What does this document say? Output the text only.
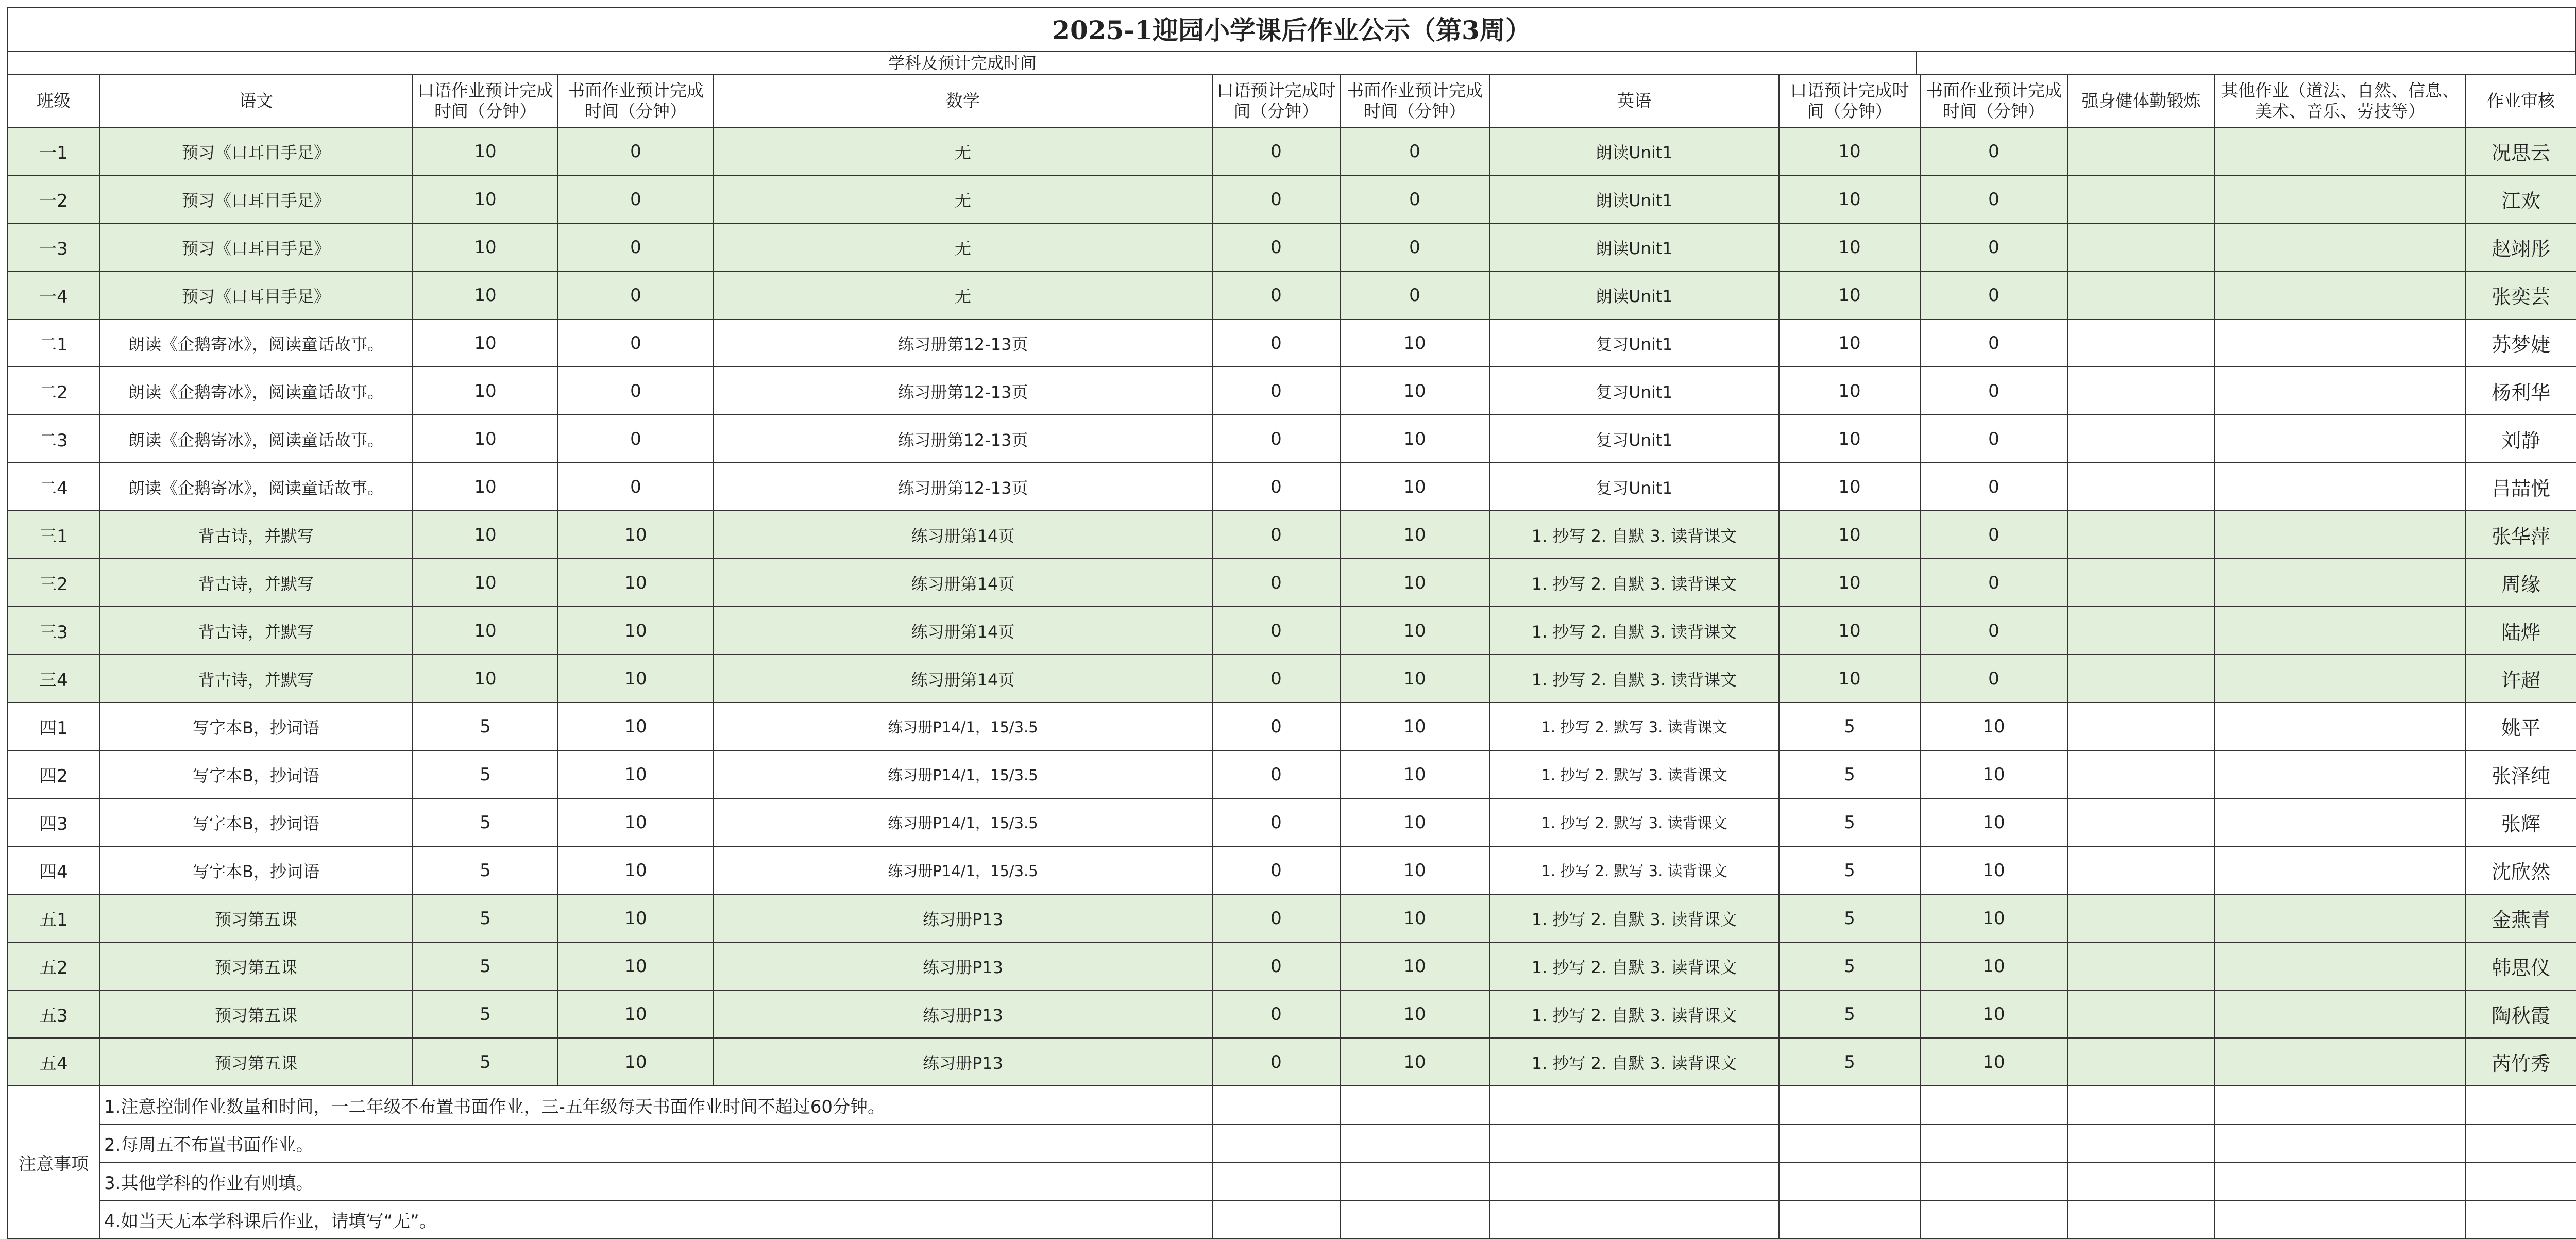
2025-1迎园小学课后作业公示（第3周）
学科及预计完成时间
班级	语文	口语作业预计完成时间（分钟）	书面作业预计完成时间（分钟）	数学	口语预计完成时间（分钟）	书面作业预计完成时间（分钟）	英语	口语预计完成时间（分钟）	书面作业预计完成时间（分钟）	强身健体勤锻炼	其他作业（道法、自然、信息、美术、音乐、劳技等）	作业审核
一1	预习《口耳目手足》	10	0	无	0	0	朗读Unit1	10	0			况思云
一2	预习《口耳目手足》	10	0	无	0	0	朗读Unit1	10	0			江欢
一3	预习《口耳目手足》	10	0	无	0	0	朗读Unit1	10	0			赵翊彤
一4	预习《口耳目手足》	10	0	无	0	0	朗读Unit1	10	0			张奕芸
二1	朗读《企鹅寄冰》，阅读童话故事。	10	0	练习册第12-13页	0	10	复习Unit1	10	0			苏梦婕
二2	朗读《企鹅寄冰》，阅读童话故事。	10	0	练习册第12-13页	0	10	复习Unit1	10	0			杨利华
二3	朗读《企鹅寄冰》，阅读童话故事。	10	0	练习册第12-13页	0	10	复习Unit1	10	0			刘静
二4	朗读《企鹅寄冰》，阅读童话故事。	10	0	练习册第12-13页	0	10	复习Unit1	10	0			吕喆悦
三1	背古诗，并默写	10	10	练习册第14页	0	10	1. 抄写 2. 自默 3. 读背课文	10	0			张华萍
三2	背古诗，并默写	10	10	练习册第14页	0	10	1. 抄写 2. 自默 3. 读背课文	10	0			周缘
三3	背古诗，并默写	10	10	练习册第14页	0	10	1. 抄写 2. 自默 3. 读背课文	10	0			陆烨
三4	背古诗，并默写	10	10	练习册第14页	0	10	1. 抄写 2. 自默 3. 读背课文	10	0			许超
四1	写字本B，抄词语	5	10	练习册P14/1，15/3.5	0	10	1. 抄写 2. 默写 3. 读背课文	5	10			姚平
四2	写字本B，抄词语	5	10	练习册P14/1，15/3.5	0	10	1. 抄写 2. 默写 3. 读背课文	5	10			张泽纯
四3	写字本B，抄词语	5	10	练习册P14/1，15/3.5	0	10	1. 抄写 2. 默写 3. 读背课文	5	10			张辉
四4	写字本B，抄词语	5	10	练习册P14/1，15/3.5	0	10	1. 抄写 2. 默写 3. 读背课文	5	10			沈欣然
五1	预习第五课	5	10	练习册P13	0	10	1. 抄写 2. 自默 3. 读背课文	5	10			金燕青
五2	预习第五课	5	10	练习册P13	0	10	1. 抄写 2. 自默 3. 读背课文	5	10			韩思仪
五3	预习第五课	5	10	练习册P13	0	10	1. 抄写 2. 自默 3. 读背课文	5	10			陶秋霞
五4	预习第五课	5	10	练习册P13	0	10	1. 抄写 2. 自默 3. 读背课文	5	10			芮竹秀
注意事项	1.注意控制作业数量和时间，一二年级不布置书面作业，三-五年级每天书面作业时间不超过60分钟。											
	2.每周五不布置书面作业。											
	3.其他学科的作业有则填。											
	4.如当天无本学科课后作业，请填写“无”。											
